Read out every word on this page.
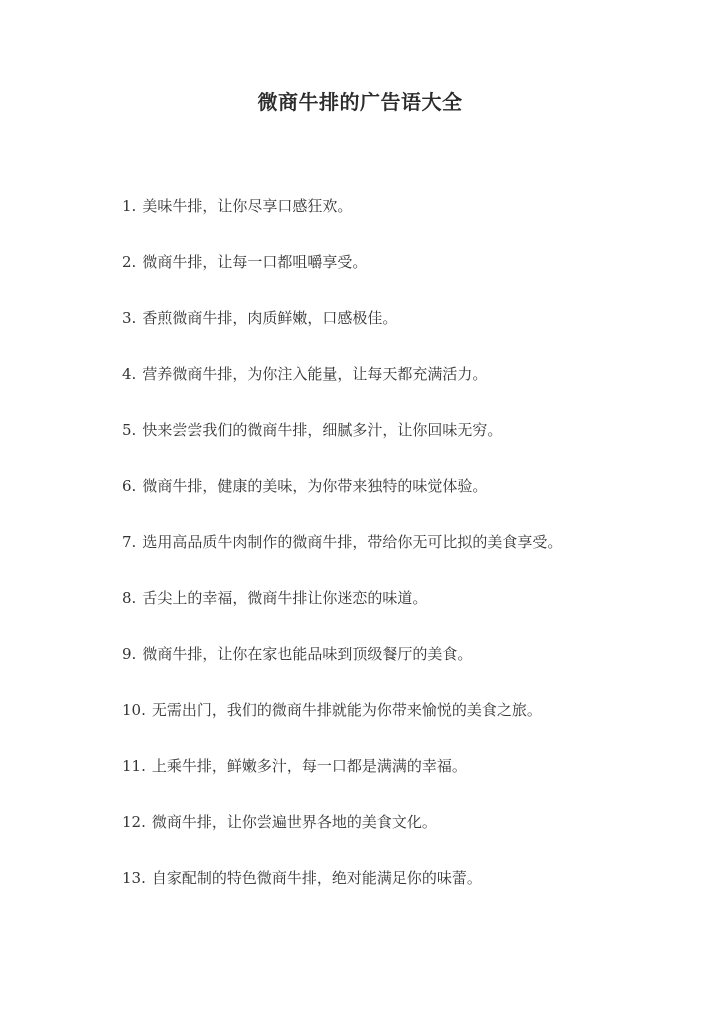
微商牛排的广告语大全
1. 美味牛排，让你尽享口感狂欢。
2. 微商牛排，让每一口都咀嚼享受。
3. 香煎微商牛排，肉质鲜嫩，口感极佳。
4. 营养微商牛排，为你注入能量，让每天都充满活力。
5. 快来尝尝我们的微商牛排，细腻多汁，让你回味无穷。
6. 微商牛排，健康的美味，为你带来独特的味觉体验。
7. 选用高品质牛肉制作的微商牛排，带给你无可比拟的美食享受。
8. 舌尖上的幸福，微商牛排让你迷恋的味道。
9. 微商牛排，让你在家也能品味到顶级餐厅的美食。
10. 无需出门，我们的微商牛排就能为你带来愉悦的美食之旅。
11. 上乘牛排，鲜嫩多汁，每一口都是满满的幸福。
12. 微商牛排，让你尝遍世界各地的美食文化。
13. 自家配制的特色微商牛排，绝对能满足你的味蕾。
